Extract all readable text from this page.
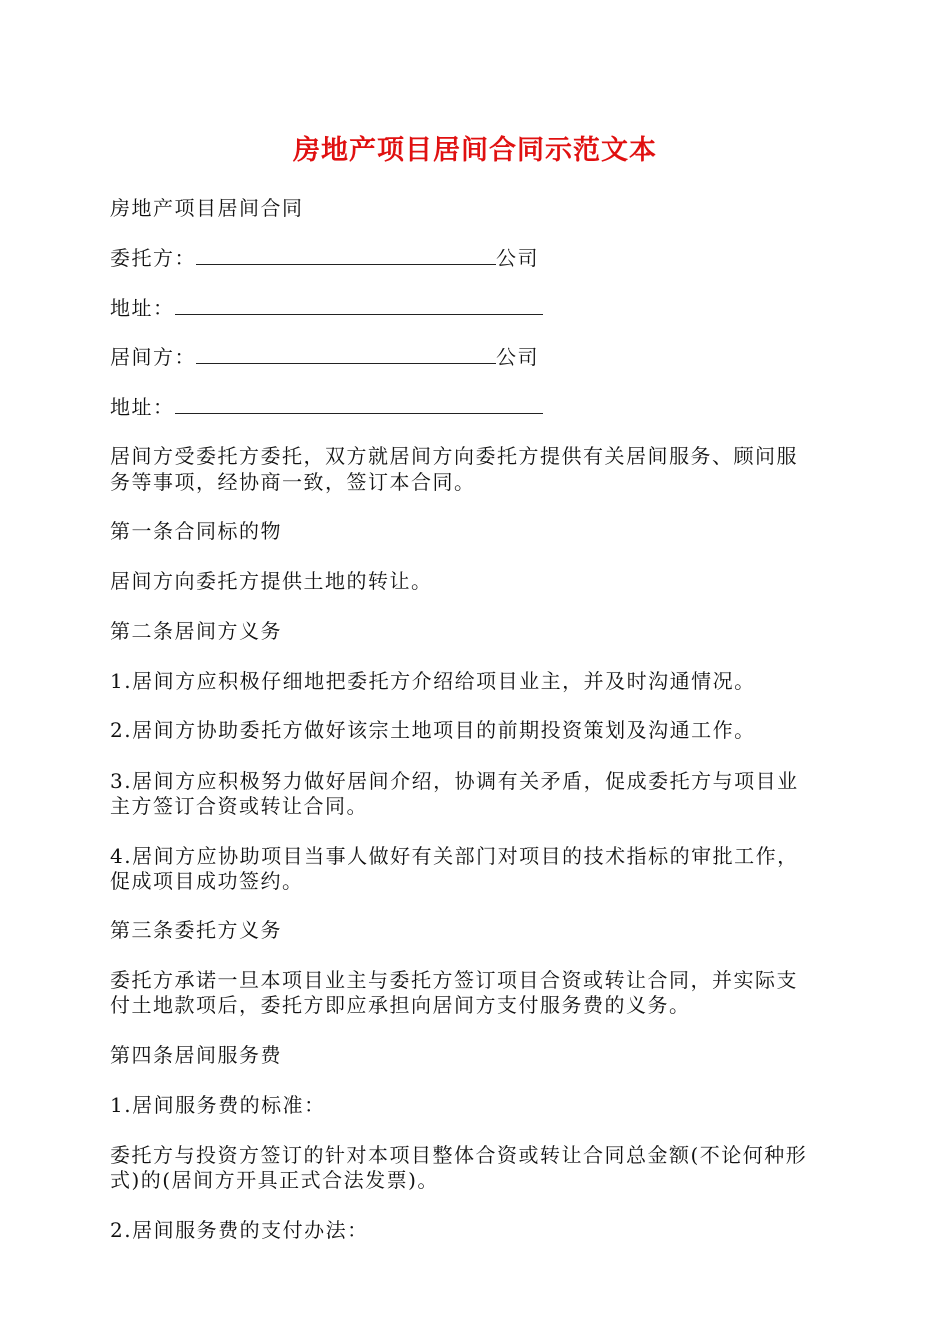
房地产项目居间合同示范文本
房地产项目居间合同
委托方：	公司
地址：
居间方：	公司
地址：
居间方受委托方委托，双方就居间方向委托方提供有关居间服务、顾问服
务等事项，经协商一致，签订本合同。
第一条合同标的物
居间方向委托方提供土地的转让。
第二条居间方义务
1.居间方应积极仔细地把委托方介绍给项目业主，并及时沟通情况。
2.居间方协助委托方做好该宗土地项目的前期投资策划及沟通工作。
3.居间方应积极努力做好居间介绍，协调有关矛盾，促成委托方与项目业
主方签订合资或转让合同。
4.居间方应协助项目当事人做好有关部门对项目的技术指标的审批工作，
促成项目成功签约。
第三条委托方义务
委托方承诺一旦本项目业主与委托方签订项目合资或转让合同，并实际支
付土地款项后，委托方即应承担向居间方支付服务费的义务。
第四条居间服务费
1.居间服务费的标准：
委托方与投资方签订的针对本项目整体合资或转让合同总金额(不论何种形
式)的(居间方开具正式合法发票)。
2.居间服务费的支付办法：
